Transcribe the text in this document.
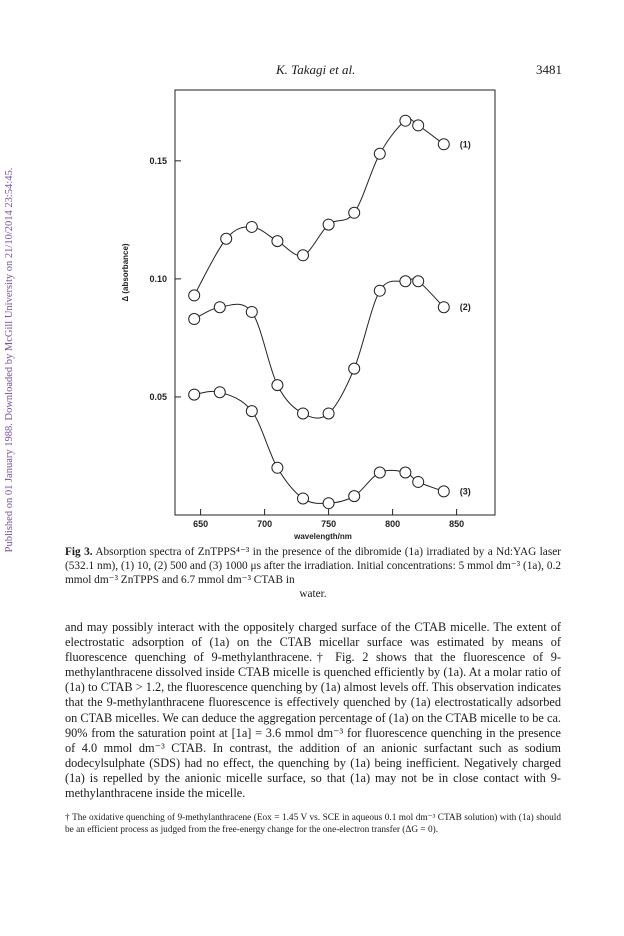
Published on 01 January 1988. Downloaded by McGill University on 21/10/2014 23:54:45.
K. Takagi et al.	3481
(1)
(2)
(3)
650	700	750	800	850
0.05
0.10
0.15
wavelength/nm
Δ (absorbance)

Fig 3. Absorption spectra of ZnTPPS⁴⁻³ in the presence of the dibromide (1a) irradiated by a Nd:YAG laser (532.1 nm), (1) 10, (2) 500 and (3) 1000 μs after the irradiation. Initial concentrations: 5 mmol dm⁻³ (1a), 0.2 mmol dm⁻³ ZnTPPS and 6.7 mmol dm⁻³ CTAB in
water.

and may possibly interact with the oppositely charged surface of the CTAB micelle. The extent of electrostatic adsorption of (1a) on the CTAB micellar surface was estimated by means of fluorescence quenching of 9-methylanthracene.† Fig. 2 shows that the fluorescence of 9-methylanthracene dissolved inside CTAB micelle is quenched efficiently by (1a). At a molar ratio of (1a) to CTAB > 1.2, the fluorescence quenching by (1a) almost levels off. This observation indicates that the 9-methylanthracene fluorescence is effectively quenched by (1a) electrostatically adsorbed on CTAB micelles. We can deduce the aggregation percentage of (1a) on the CTAB micelle to be ca. 90% from the saturation point at [1a] = 3.6 mmol dm⁻³ for fluorescence quenching in the presence of 4.0 mmol dm⁻³ CTAB. In contrast, the addition of an anionic surfactant such as sodium dodecylsulphate (SDS) had no effect, the quenching by (1a) being inefficient. Negatively charged (1a) is repelled by the anionic micelle surface, so that (1a) may not be in close contact with 9-methylanthracene inside the micelle.

† The oxidative quenching of 9-methylanthracene (Eox = 1.45 V vs. SCE in aqueous 0.1 mol dm⁻³ CTAB solution) with (1a) should be an efficient process as judged from the free-energy change for the one-electron transfer (ΔG = 0).
